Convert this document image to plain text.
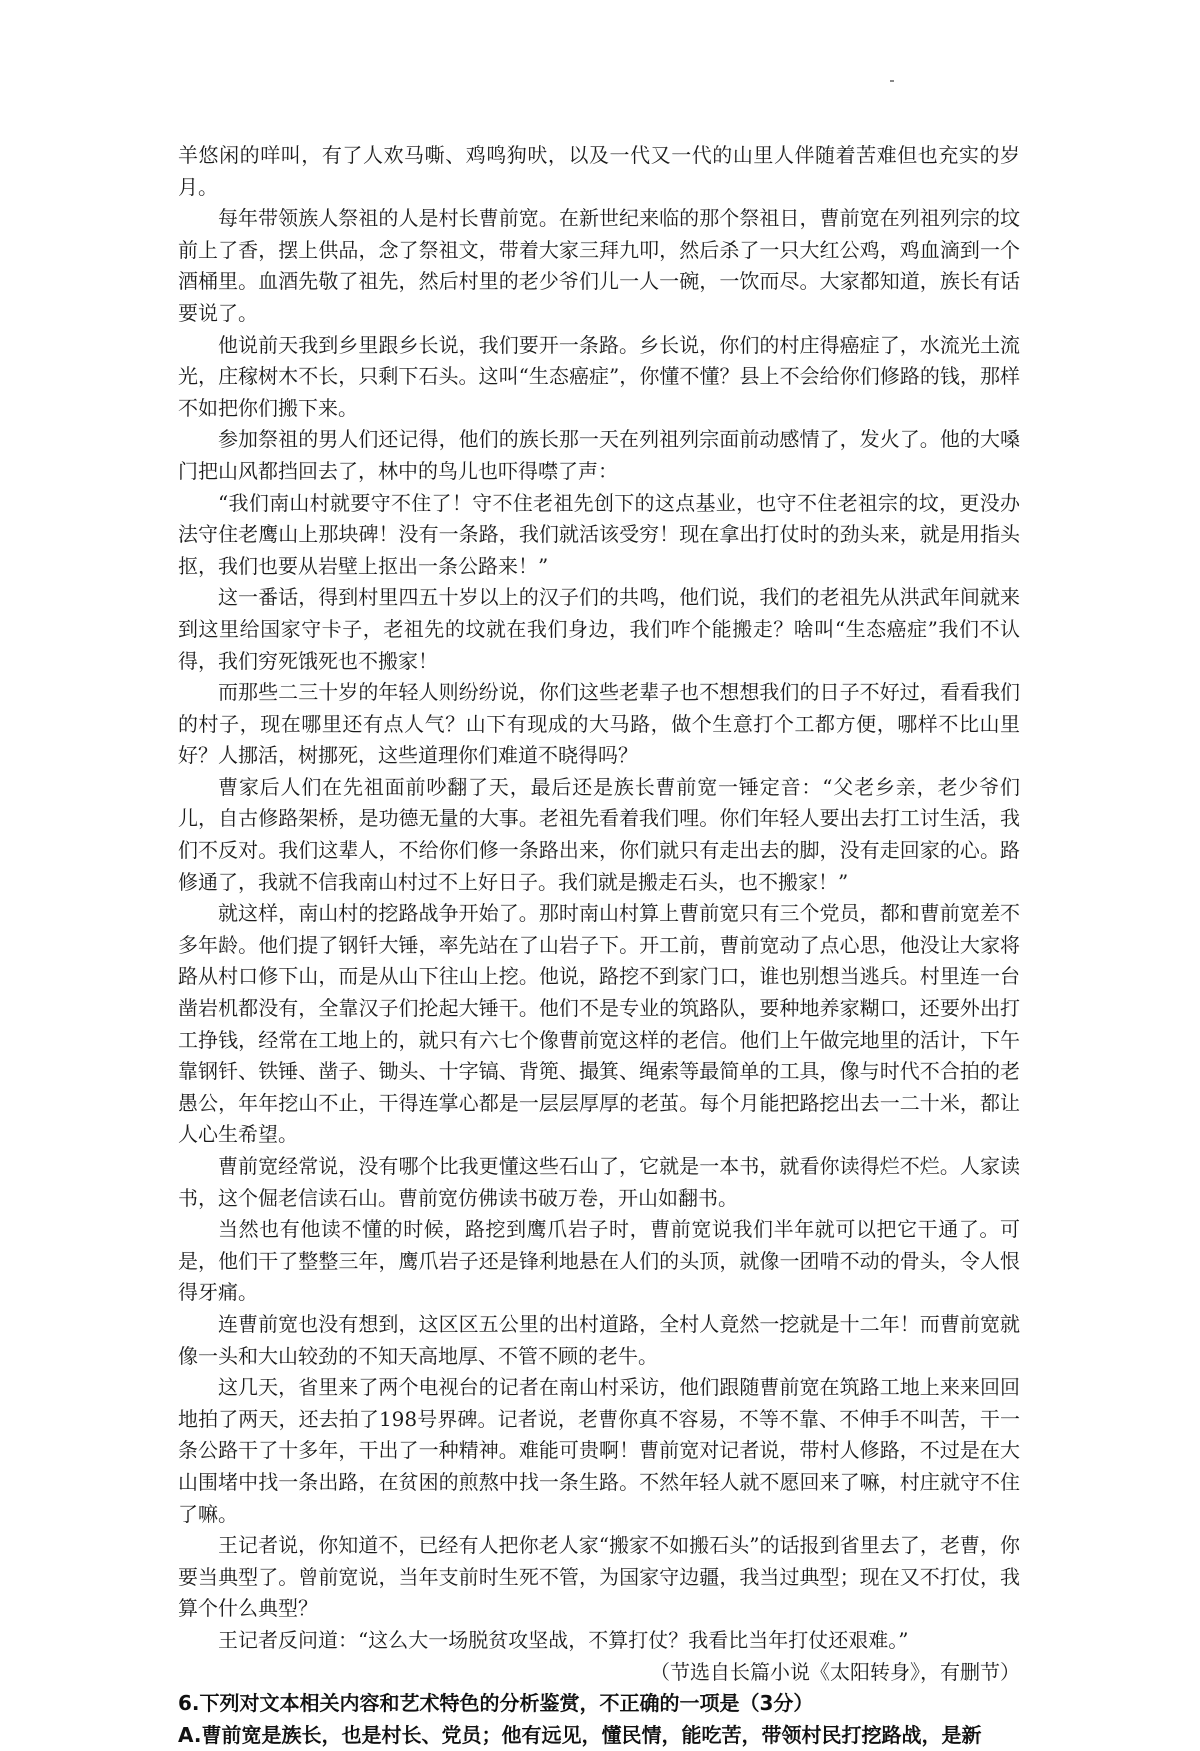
羊悠闲的咩叫，有了人欢马嘶、鸡鸣狗吠，以及一代又一代的山里人伴随着苦难但也充实的岁月。

每年带领族人祭祖的人是村长曹前宽。在新世纪来临的那个祭祖日，曹前宽在列祖列宗的坟前上了香，摆上供品，念了祭祖文，带着大家三拜九叩，然后杀了一只大红公鸡，鸡血滴到一个酒桶里。血酒先敬了祖先，然后村里的老少爷们儿一人一碗，一饮而尽。大家都知道，族长有话要说了。

他说前天我到乡里跟乡长说，我们要开一条路。乡长说，你们的村庄得癌症了，水流光土流光，庄稼树木不长，只剩下石头。这叫“生态癌症”，你懂不懂？县上不会给你们修路的钱，那样不如把你们搬下来。

参加祭祖的男人们还记得，他们的族长那一天在列祖列宗面前动感情了，发火了。他的大嗓门把山风都挡回去了，林中的鸟儿也吓得噤了声：

“我们南山村就要守不住了！守不住老祖先创下的这点基业，也守不住老祖宗的坟，更没办法守住老鹰山上那块碑！没有一条路，我们就活该受穷！现在拿出打仗时的劲头来，就是用指头抠，我们也要从岩壁上抠出一条公路来！”

这一番话，得到村里四五十岁以上的汉子们的共鸣，他们说，我们的老祖先从洪武年间就来到这里给国家守卡子，老祖先的坟就在我们身边，我们咋个能搬走？啥叫“生态癌症”我们不认得，我们穷死饿死也不搬家！

而那些二三十岁的年轻人则纷纷说，你们这些老辈子也不想想我们的日子不好过，看看我们的村子，现在哪里还有点人气？山下有现成的大马路，做个生意打个工都方便，哪样不比山里好？人挪活，树挪死，这些道理你们难道不晓得吗？

曹家后人们在先祖面前吵翻了天，最后还是族长曹前宽一锤定音：“父老乡亲，老少爷们儿，自古修路架桥，是功德无量的大事。老祖先看着我们哩。你们年轻人要出去打工讨生活，我们不反对。我们这辈人，不给你们修一条路出来，你们就只有走出去的脚，没有走回家的心。路修通了，我就不信我南山村过不上好日子。我们就是搬走石头，也不搬家！”

就这样，南山村的挖路战争开始了。那时南山村算上曹前宽只有三个党员，都和曹前宽差不多年龄。他们提了钢钎大锤，率先站在了山岩子下。开工前，曹前宽动了点心思，他没让大家将路从村口修下山，而是从山下往山上挖。他说，路挖不到家门口，谁也别想当逃兵。村里连一台凿岩机都没有，全靠汉子们抡起大锤干。他们不是专业的筑路队，要种地养家糊口，还要外出打工挣钱，经常在工地上的，就只有六七个像曹前宽这样的老信。他们上午做完地里的活计，下午靠钢钎、铁锤、凿子、锄头、十字镐、背篼、撮箕、绳索等最简单的工具，像与时代不合拍的老愚公，年年挖山不止，干得连掌心都是一层层厚厚的老茧。每个月能把路挖出去一二十米，都让人心生希望。

曹前宽经常说，没有哪个比我更懂这些石山了，它就是一本书，就看你读得烂不烂。人家读书，这个倔老信读石山。曹前宽仿佛读书破万卷，开山如翻书。

当然也有他读不懂的时候，路挖到鹰爪岩子时，曹前宽说我们半年就可以把它干通了。可是，他们干了整整三年，鹰爪岩子还是锋利地悬在人们的头顶，就像一团啃不动的骨头，令人恨得牙痛。

连曹前宽也没有想到，这区区五公里的出村道路，全村人竟然一挖就是十二年！而曹前宽就像一头和大山较劲的不知天高地厚、不管不顾的老牛。

这几天，省里来了两个电视台的记者在南山村采访，他们跟随曹前宽在筑路工地上来来回回地拍了两天，还去拍了198号界碑。记者说，老曹你真不容易，不等不靠、不伸手不叫苦，干一条公路干了十多年，干出了一种精神。难能可贵啊！曹前宽对记者说，带村人修路，不过是在大山围堵中找一条出路，在贫困的煎熬中找一条生路。不然年轻人就不愿回来了嘛，村庄就守不住了嘛。

王记者说，你知道不，已经有人把你老人家“搬家不如搬石头”的话报到省里去了，老曹，你要当典型了。曾前宽说，当年支前时生死不管，为国家守边疆，我当过典型；现在又不打仗，我算个什么典型？

王记者反问道：“这么大一场脱贫攻坚战，不算打仗？我看比当年打仗还艰难。”

（节选自长篇小说《太阳转身》，有删节）

6.下列对文本相关内容和艺术特色的分析鉴赏，不正确的一项是（3分）

A.曹前宽是族长，也是村长、党员；他有远见，懂民情，能吃苦，带领村民打挖路战，是新
